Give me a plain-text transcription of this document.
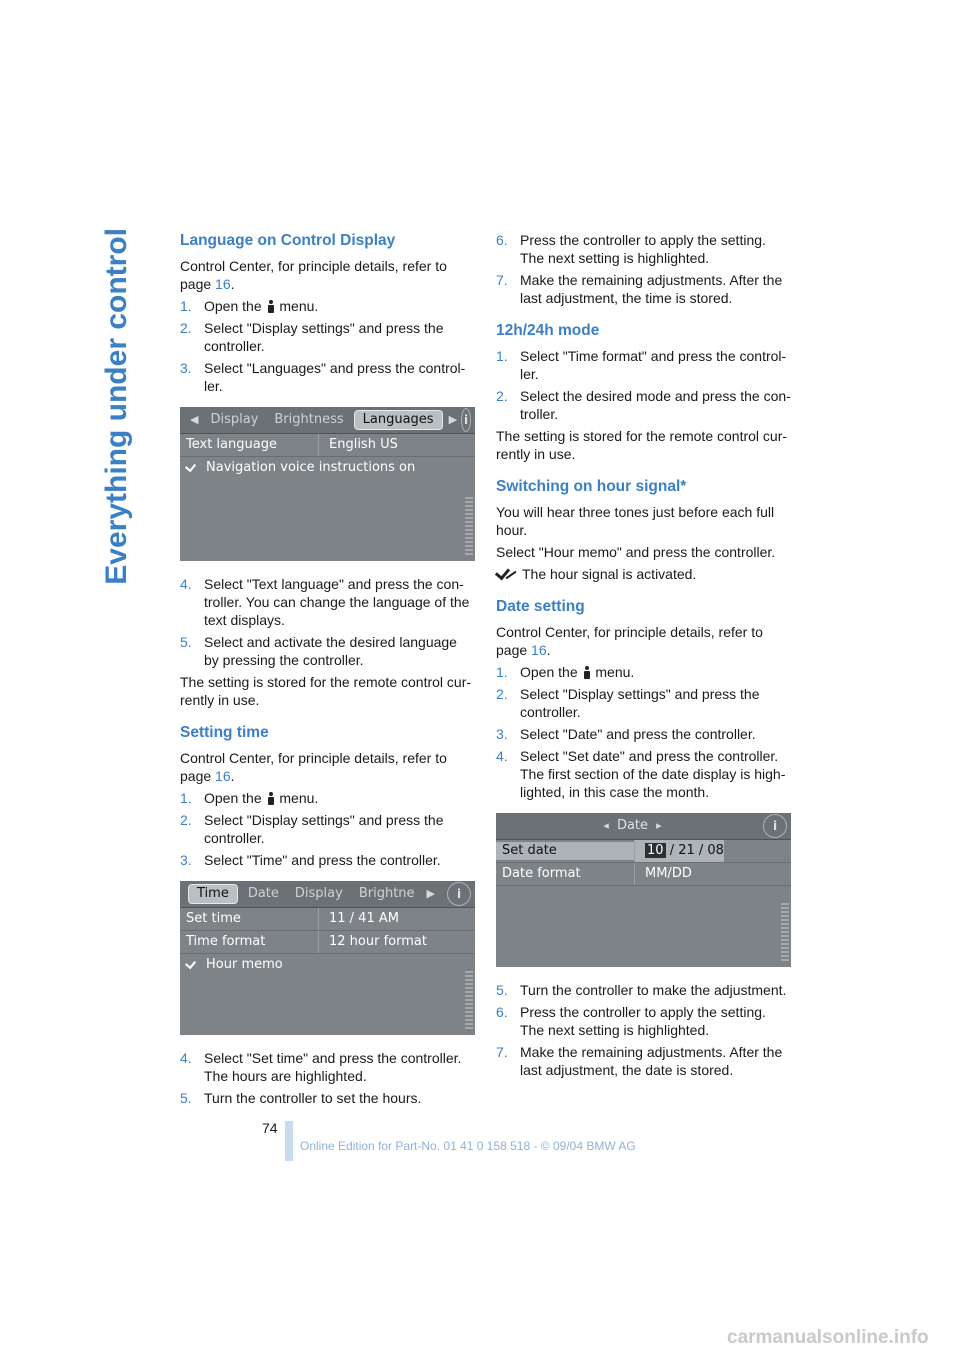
Everything under control	Language on Control Display

Control Center, for principle details, refer to page 16.

1. Open the menu.
2. Select "Display settings" and press the controller.
3. Select "Languages" and press the control-ler.
◀ Display	Brightness	Languages	▶ i
Text language	English US
Navigation voice instructions on
4. Select "Text language" and press the con-troller. You can change the language of the text displays.
5. Select and activate the desired language by pressing the controller.

The setting is stored for the remote control cur-rently in use.

Setting time

Control Center, for principle details, refer to page 16.

1. Open the menu.
2. Select "Display settings" and press the controller.
3. Select "Time" and press the controller.
Time	Date	Display	Brightne	▶	i
Set time	11 / 41 AM
Time format	12 hour format
Hour memo
4. Select "Set time" and press the controller. The hours are highlighted.
5. Turn the controller to set the hours.
6. Press the controller to apply the setting. The next setting is highlighted.
7. Make the remaining adjustments. After the last adjustment, the time is stored.
12h/24h mode
1. Select "Time format" and press the control-ler.
2. Select the desired mode and press the con-troller.

The setting is stored for the remote control cur-rently in use.

Switching on hour signal*

You will hear three tones just before each full hour.

Select "Hour memo" and press the controller.

The hour signal is activated.

Date setting

Control Center, for principle details, refer to page 16.

1. Open the menu.
2. Select "Display settings" and press the controller.
3. Select "Date" and press the controller.
4. Select "Set date" and press the controller. The first section of the date display is high-lighted, in this case the month.
◂ Date ▸	i
Set date	10 / 21 / 08
Date format	MM/DD
5. Turn the controller to make the adjustment.
6. Press the controller to apply the setting. The next setting is highlighted.
7. Make the remaining adjustments. After the last adjustment, the date is stored.
74
Online Edition for Part-No. 01 41 0 158 518 - © 09/04 BMW AG
carmanualsonline.info
